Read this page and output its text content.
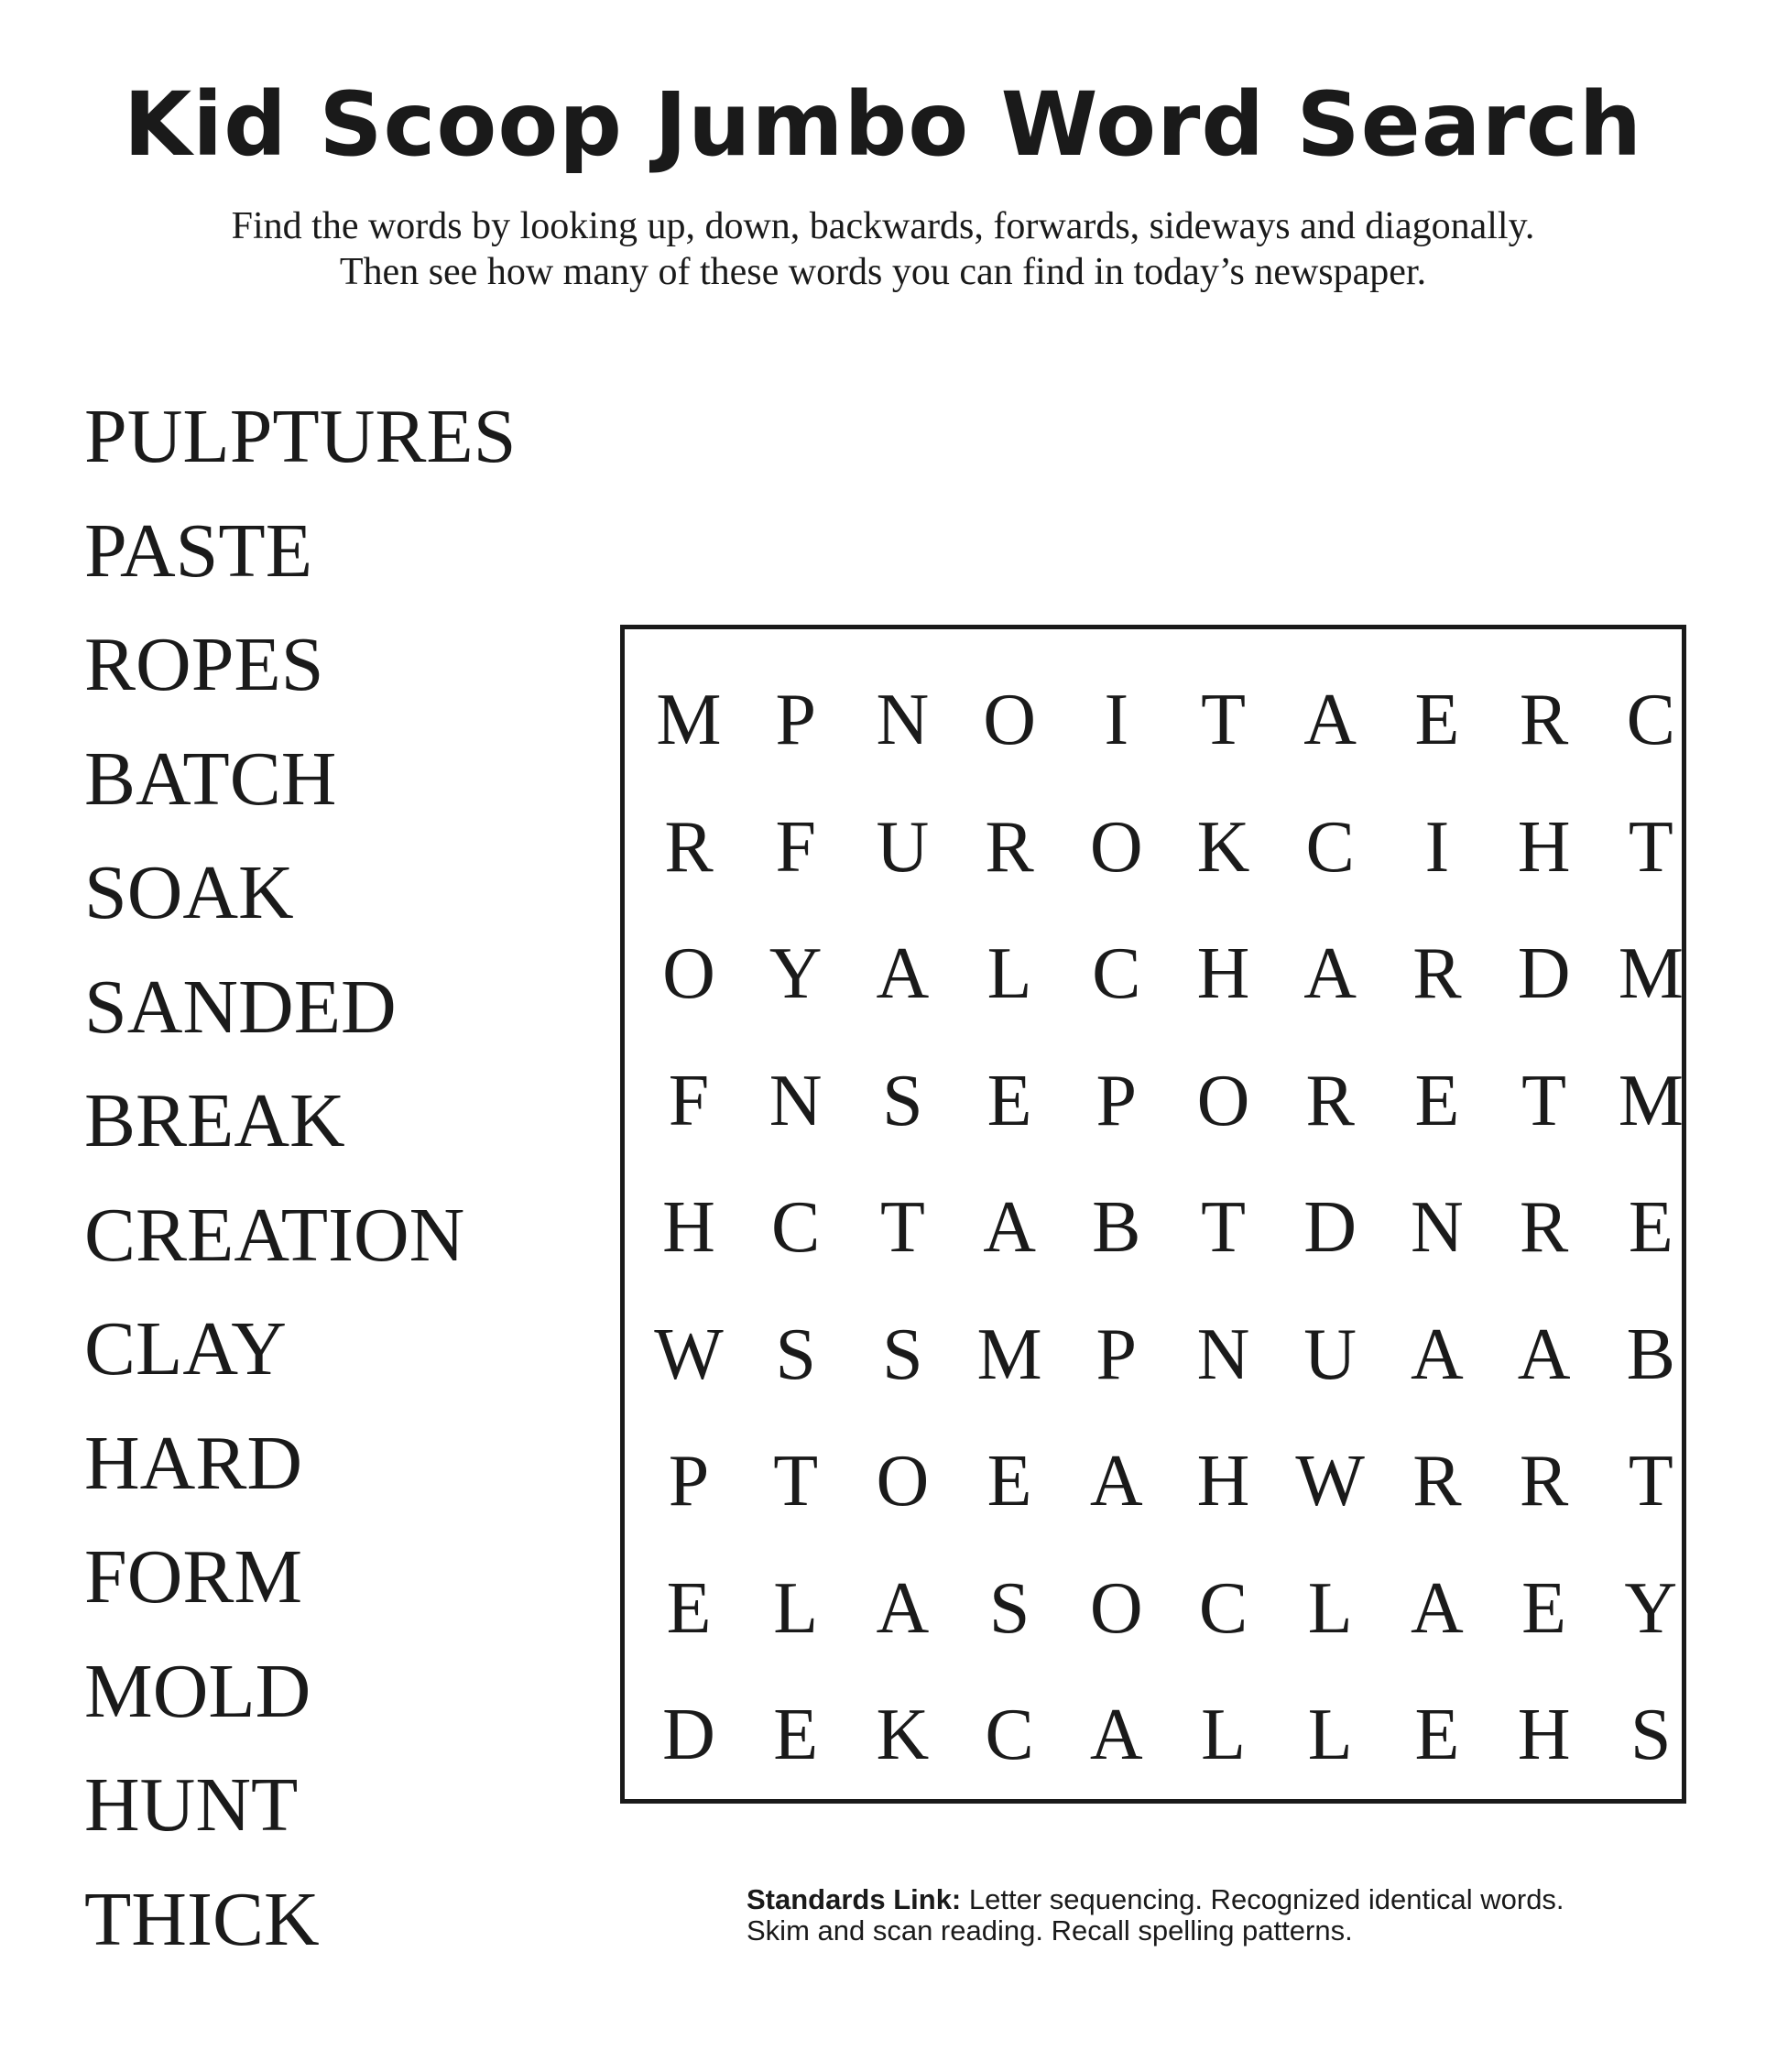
Kid Scoop Jumbo Word Search
Find the words by looking up, down, backwards, forwards, sideways and diagonally.
Then see how many of these words you can find in today’s newspaper.
PULPTURES
PASTE
ROPES
BATCH
SOAK
SANDED
BREAK
CREATION
CLAY
HARD
FORM
MOLD
HUNT
THICK
M P N O I T A E R C
R F U R O K C I H T
O Y A L C H A R D M
F N S E P O R E T M
H C T A B T D N R E
W S S M P N U A A B
P T O E A H W R R T
E L A S O C L A E Y
D E K C A L L E H S
Standards Link: Letter sequencing. Recognized identical words.
Skim and scan reading. Recall spelling patterns.
